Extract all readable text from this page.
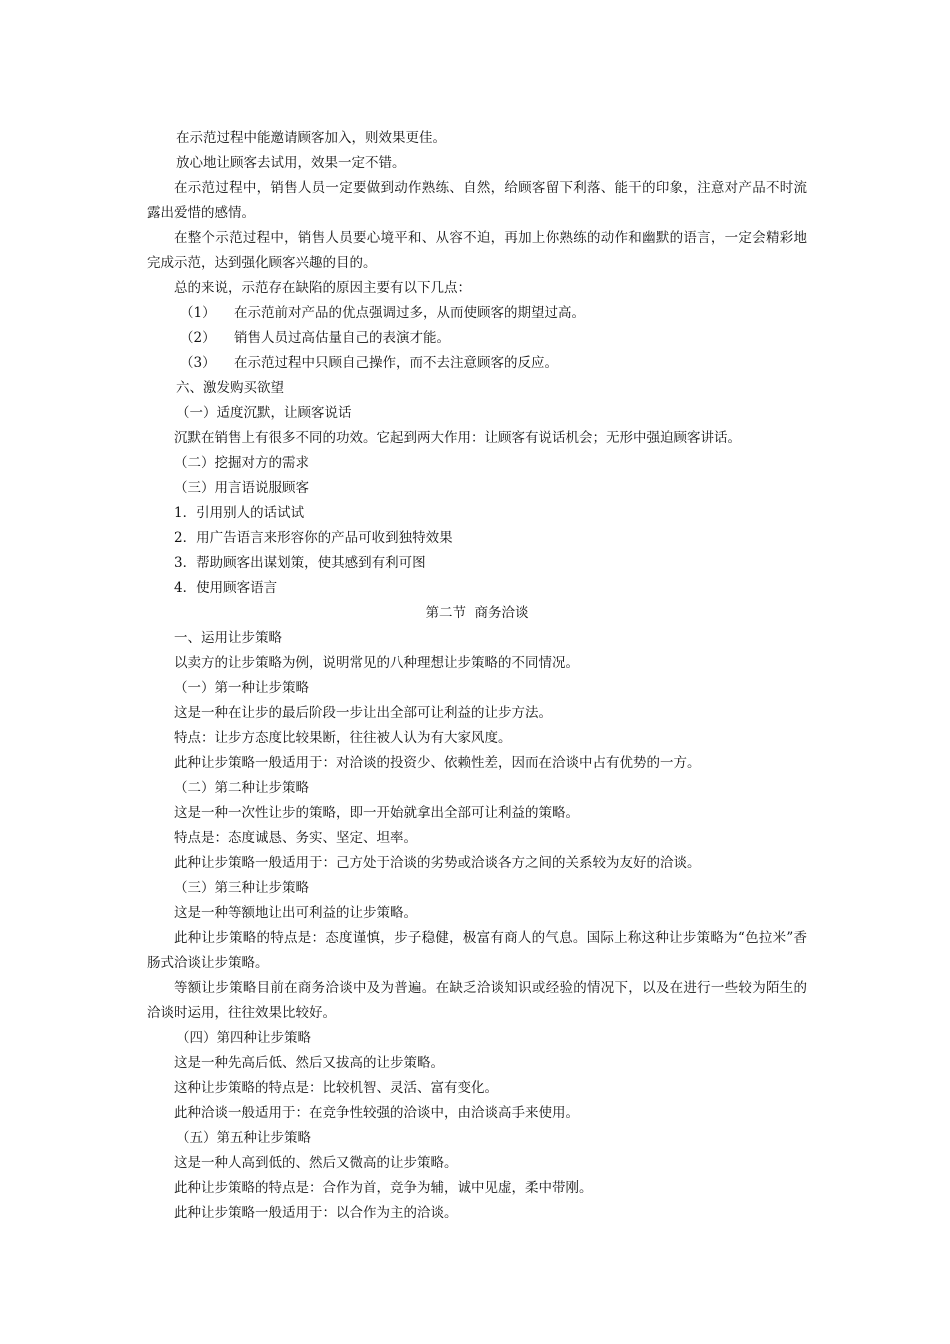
在示范过程中能邀请顾客加入，则效果更佳。
放心地让顾客去试用，效果一定不错。
在示范过程中，销售人员一定要做到动作熟练、自然，给顾客留下利落、能干的印象，注意对产品不时流露出爱惜的感情。
在整个示范过程中，销售人员要心境平和、从容不迫，再加上你熟练的动作和幽默的语言，一定会精彩地完成示范，达到强化顾客兴趣的目的。
总的来说，示范存在缺陷的原因主要有以下几点：
（1）	在示范前对产品的优点强调过多，从而使顾客的期望过高。
（2）	销售人员过高估量自己的表演才能。
（3）	在示范过程中只顾自己操作，而不去注意顾客的反应。
六、激发购买欲望
（一）适度沉默，让顾客说话
沉默在销售上有很多不同的功效。它起到两大作用：让顾客有说话机会；无形中强迫顾客讲话。
（二）挖掘对方的需求
（三）用言语说服顾客
1．引用别人的话试试
2．用广告语言来形容你的产品可收到独特效果
3．帮助顾客出谋划策，使其感到有利可图
4．使用顾客语言
第二节  商务洽谈
一、运用让步策略
以卖方的让步策略为例，说明常见的八种理想让步策略的不同情况。
（一）第一种让步策略
这是一种在让步的最后阶段一步让出全部可让利益的让步方法。
特点：让步方态度比较果断，往往被人认为有大家风度。
此种让步策略一般适用于：对洽谈的投资少、依赖性差，因而在洽谈中占有优势的一方。
（二）第二种让步策略
这是一种一次性让步的策略，即一开始就拿出全部可让利益的策略。
特点是：态度诚恳、务实、坚定、坦率。
此种让步策略一般适用于：己方处于洽谈的劣势或洽谈各方之间的关系较为友好的洽谈。
（三）第三种让步策略
这是一种等额地让出可利益的让步策略。
此种让步策略的特点是：态度谨慎，步子稳健，极富有商人的气息。国际上称这种让步策略为“色拉米”香肠式洽谈让步策略。
等额让步策略目前在商务洽谈中及为普遍。在缺乏洽谈知识或经验的情况下，以及在进行一些较为陌生的洽谈时运用，往往效果比较好。
（四）第四种让步策略
这是一种先高后低、然后又拔高的让步策略。
这种让步策略的特点是：比较机智、灵活、富有变化。
此种洽谈一般适用于：在竞争性较强的洽谈中，由洽谈高手来使用。
（五）第五种让步策略
这是一种人高到低的、然后又微高的让步策略。
此种让步策略的特点是：合作为首，竞争为辅，诚中见虚，柔中带刚。
此种让步策略一般适用于：以合作为主的洽谈。
